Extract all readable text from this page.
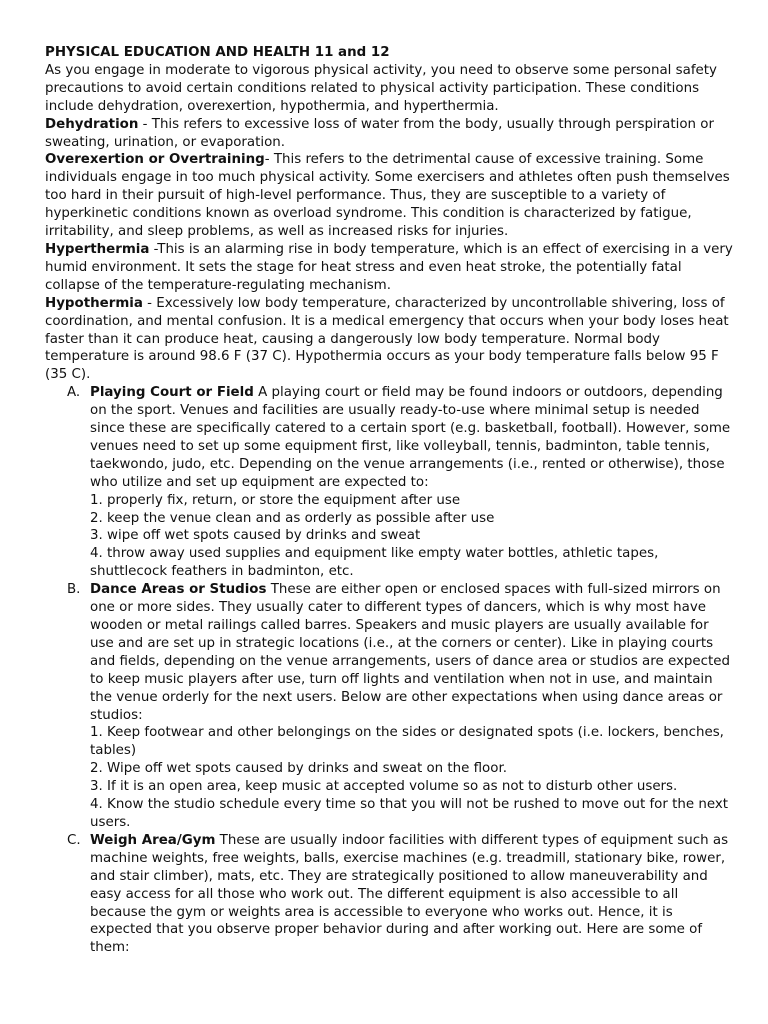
PHYSICAL EDUCATION AND HEALTH 11 and 12

As you engage in moderate to vigorous physical activity, you need to observe some personal safety precautions to avoid certain conditions related to physical activity participation. These conditions include dehydration, overexertion, hypothermia, and hyperthermia.

Dehydration - This refers to excessive loss of water from the body, usually through perspiration or sweating, urination, or evaporation.

Overexertion or Overtraining- This refers to the detrimental cause of excessive training. Some individuals engage in too much physical activity. Some exercisers and athletes often push themselves too hard in their pursuit of high-level performance. Thus, they are susceptible to a variety of hyperkinetic conditions known as overload syndrome. This condition is characterized by fatigue, irritability, and sleep problems, as well as increased risks for injuries.

Hyperthermia -This is an alarming rise in body temperature, which is an effect of exercising in a very humid environment. It sets the stage for heat stress and even heat stroke, the potentially fatal collapse of the temperature-regulating mechanism.

Hypothermia - Excessively low body temperature, characterized by uncontrollable shivering, loss of coordination, and mental confusion. It is a medical emergency that occurs when your body loses heat faster than it can produce heat, causing a dangerously low body temperature. Normal body temperature is around 98.6 F (37 C). Hypothermia occurs as your body temperature falls below 95 F (35 C).

A. Playing Court or Field A playing court or field may be found indoors or outdoors, depending on the sport. Venues and facilities are usually ready-to-use where minimal setup is needed since these are specifically catered to a certain sport (e.g. basketball, football). However, some venues need to set up some equipment first, like volleyball, tennis, badminton, table tennis, taekwondo, judo, etc. Depending on the venue arrangements (i.e., rented or otherwise), those who utilize and set up equipment are expected to:
1. properly fix, return, or store the equipment after use
2. keep the venue clean and as orderly as possible after use
3. wipe off wet spots caused by drinks and sweat
4. throw away used supplies and equipment like empty water bottles, athletic tapes, shuttlecock feathers in badminton, etc.
B. Dance Areas or Studios These are either open or enclosed spaces with full-sized mirrors on one or more sides. They usually cater to different types of dancers, which is why most have wooden or metal railings called barres. Speakers and music players are usually available for use and are set up in strategic locations (i.e., at the corners or center). Like in playing courts and fields, depending on the venue arrangements, users of dance area or studios are expected to keep music players after use, turn off lights and ventilation when not in use, and maintain the venue orderly for the next users. Below are other expectations when using dance areas or studios:
1. Keep footwear and other belongings on the sides or designated spots (i.e. lockers, benches, tables)
2. Wipe off wet spots caused by drinks and sweat on the floor.
3. If it is an open area, keep music at accepted volume so as not to disturb other users.
4. Know the studio schedule every time so that you will not be rushed to move out for the next users.
C. Weigh Area/Gym These are usually indoor facilities with different types of equipment such as machine weights, free weights, balls, exercise machines (e.g. treadmill, stationary bike, rower, and stair climber), mats, etc. They are strategically positioned to allow maneuverability and easy access for all those who work out. The different equipment is also accessible to all because the gym or weights area is accessible to everyone who works out. Hence, it is expected that you observe proper behavior during and after working out. Here are some of them:
